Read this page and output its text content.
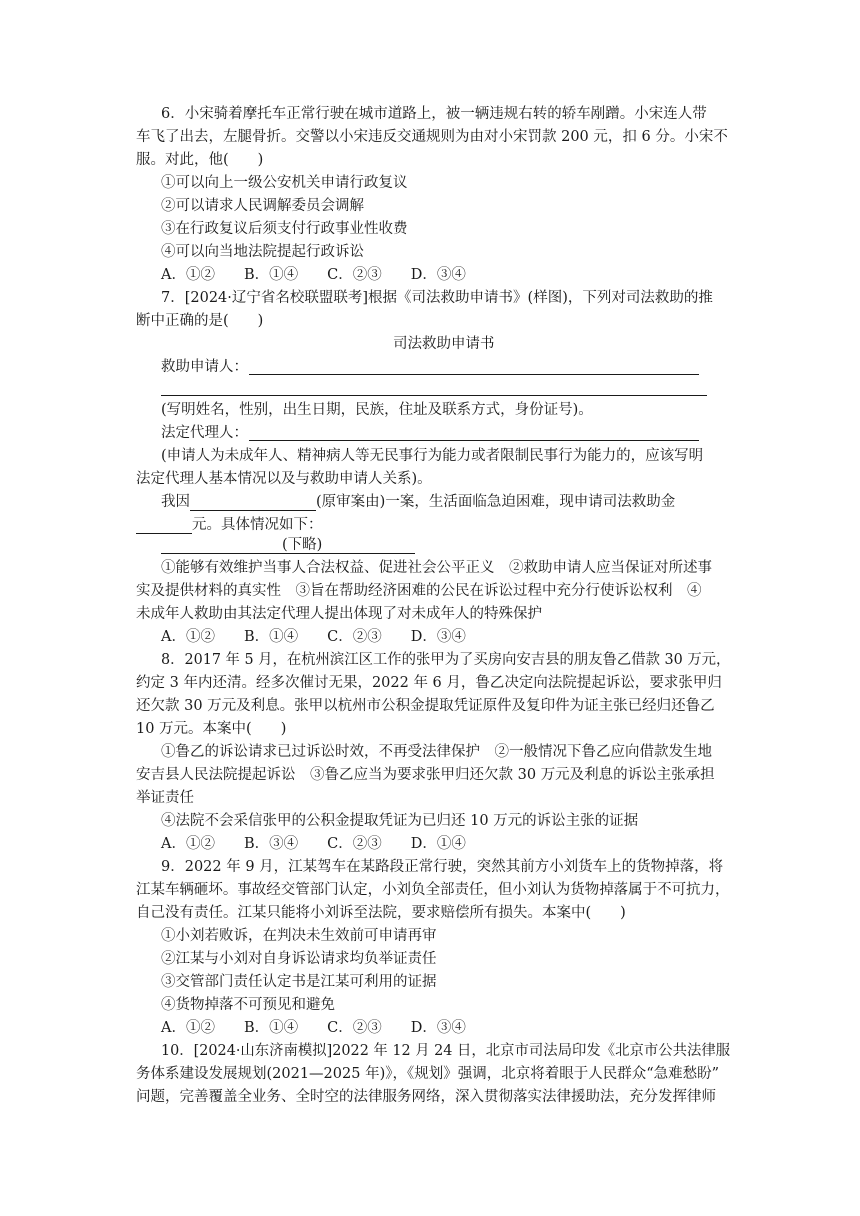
6．小宋骑着摩托车正常行驶在城市道路上，被一辆违规右转的轿车剐蹭。小宋连人带
车飞了出去，左腿骨折。交警以小宋违反交通规则为由对小宋罚款 200 元，扣 6 分。小宋不
服。对此，他(　　)
①可以向上一级公安机关申请行政复议
②可以请求人民调解委员会调解
③在行政复议后须支付行政事业性收费
④可以向当地法院提起行政诉讼
A．①②　　B．①④　　C．②③　　D．③④
7．[2024·辽宁省名校联盟联考]根据《司法救助申请书》(样图)，下列对司法救助的推
断中正确的是(　　)
司法救助申请书
救助申请人：
(写明姓名，性别，出生日期，民族，住址及联系方式，身份证号)。
法定代理人：
(申请人为未成年人、精神病人等无民事行为能力或者限制民事行为能力的，应该写明
法定代理人基本情况以及与救助申请人关系)。
我因	(原审案由)一案，生活面临急迫困难，现申请司法救助金
元。具体情况如下：
(下略)
①能够有效维护当事人合法权益、促进社会公平正义　②救助申请人应当保证对所述事
实及提供材料的真实性　③旨在帮助经济困难的公民在诉讼过程中充分行使诉讼权利　④
未成年人救助由其法定代理人提出体现了对未成年人的特殊保护
A．①②　　B．①④　　C．②③　　D．③④
8．2017 年 5 月，在杭州滨江区工作的张甲为了买房向安吉县的朋友鲁乙借款 30 万元，
约定 3 年内还清。经多次催讨无果，2022 年 6 月，鲁乙决定向法院提起诉讼，要求张甲归
还欠款 30 万元及利息。张甲以杭州市公积金提取凭证原件及复印件为证主张已经归还鲁乙
10 万元。本案中(　　)
①鲁乙的诉讼请求已过诉讼时效，不再受法律保护　②一般情况下鲁乙应向借款发生地
安吉县人民法院提起诉讼　③鲁乙应当为要求张甲归还欠款 30 万元及利息的诉讼主张承担
举证责任
④法院不会采信张甲的公积金提取凭证为已归还 10 万元的诉讼主张的证据
A．①②　　B．③④　　C．②③　　D．①④
9．2022 年 9 月，江某驾车在某路段正常行驶，突然其前方小刘货车上的货物掉落，将
江某车辆砸坏。事故经交管部门认定，小刘负全部责任，但小刘认为货物掉落属于不可抗力，
自己没有责任。江某只能将小刘诉至法院，要求赔偿所有损失。本案中(　　)
①小刘若败诉，在判决未生效前可申请再审
②江某与小刘对自身诉讼请求均负举证责任
③交管部门责任认定书是江某可利用的证据
④货物掉落不可预见和避免
A．①②　　B．①④　　C．②③　　D．③④
10．[2024·山东济南模拟]2022 年 12 月 24 日，北京市司法局印发《北京市公共法律服
务体系建设发展规划(2021—2025 年)》，《规划》强调，北京将着眼于人民群众“急难愁盼”
问题，完善覆盖全业务、全时空的法律服务网络，深入贯彻落实法律援助法，充分发挥律师
